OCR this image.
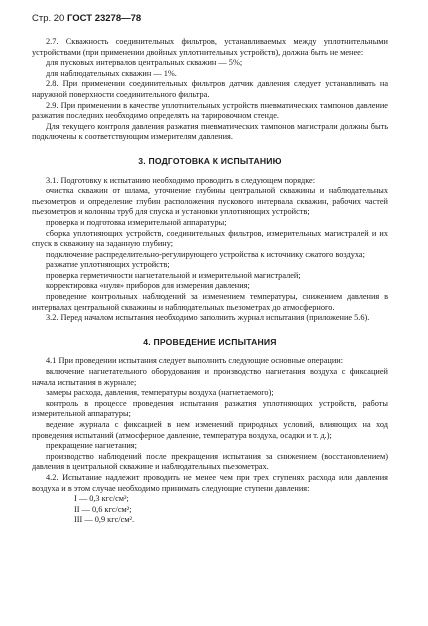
Стр. 20 ГОСТ 23278—78

2.7. Скважность соединительных фильтров, устанавливаемых между уплотнительными устройствами (при применении двойных уплотнительных устройств), должна быть не менее:

для пусковых интервалов центральных скважин — 5%;

для наблюдательных скважин — 1%.

2.8. При применении соединительных фильтров датчик давления следует устанавливать на наружной поверхности соединительного фильтра.

2.9. При применении в качестве уплотнительных устройств пневматических тампонов давление разжатия последних необходимо определять на тарировочном стенде.

Для текущего контроля давления разжатия пневматических тампонов магистрали должны быть подключены к соответствующим измерителям давления.

3. ПОДГОТОВКА К ИСПЫТАНИЮ

3.1. Подготовку к испытанию необходимо проводить в следующем порядке:

очистка скважин от шлама, уточнение глубины центральной скважины и наблюдательных пьезометров и определение глубин расположения пускового интервала скважин, рабочих частей пьезометров и колонны труб для спуска и установки уплотняющих устройств;

проверка и подготовка измерительной аппаратуры;

сборка уплотняющих устройств, соединительных фильтров, измерительных магистралей и их спуск в скважину на заданную глубину;

подключение распределительно-регулирующего устройства к источнику сжатого воздуха;

разжатие уплотняющих устройств;

проверка герметичности нагнетательной и измерительной магистралей;

корректировка «нуля» приборов для измерения давления;

проведение контрольных наблюдений за изменением температуры, снижением давления в интервалах центральной скважины и наблюдательных пьезометрах до атмосферного.

3.2. Перед началом испытания необходимо заполнить журнал испытания (приложение 5.6).

4. ПРОВЕДЕНИЕ ИСПЫТАНИЯ

4.1 При проведении испытания следует выполнить следующие основные операции:

включение нагнетательного оборудования и производство нагнетания воздуха с фиксацией начала испытания в журнале;

замеры расхода, давления, температуры воздуха (нагнетаемого);

контроль в процессе проведения испытания разжатия уплотняющих устройств, работы измерительной аппаратуры;

ведение журнала с фиксацией в нем изменений природных условий, влияющих на ход проведения испытаний (атмосферное давление, температура воздуха, осадки и т. д.);

прекращение нагнетания;

производство наблюдений после прекращения испытания за снижением (восстановлением) давления в центральной скважине и наблюдательных пьезометрах.

4.2. Испытание надлежит проводить не менее чем при трех ступенях расхода или давления воздуха и в этом случае необходимо принимать следующие ступени давления:

I — 0,3 кгс/см²;
II — 0,6 кгс/см²;
III — 0,9 кгс/см².
